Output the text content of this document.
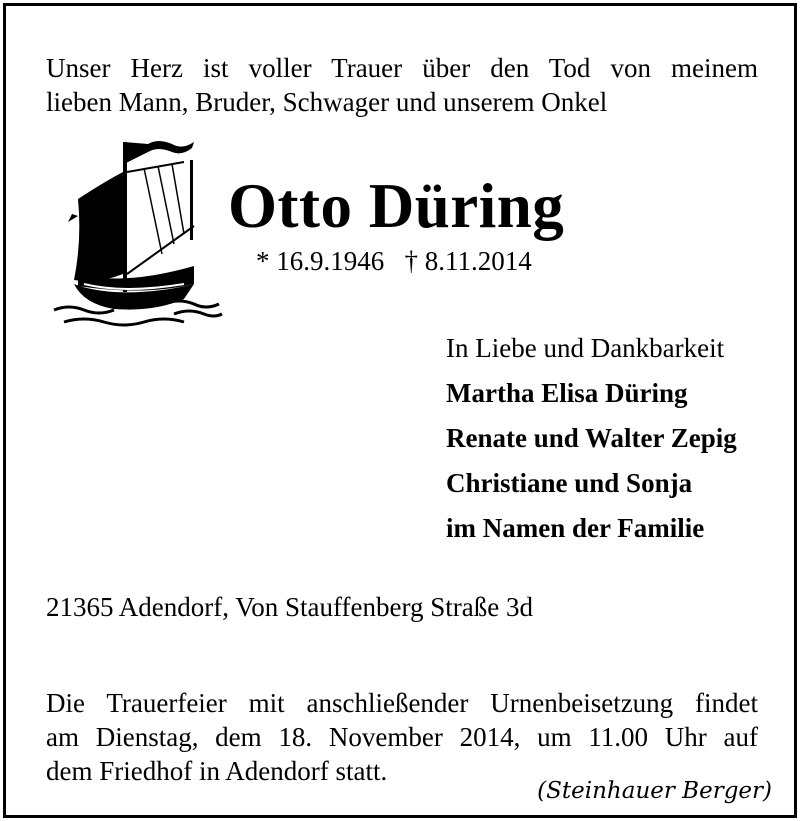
Unser Herz ist voller Trauer über den Tod von meinem
lieben Mann, Bruder, Schwager und unserem Onkel
Otto Düring
* 16.9.1946   † 8.11.2014
In Liebe und Dankbarkeit
Martha Elisa Düring
Renate und Walter Zepig
Christiane und Sonja
im Namen der Familie
21365 Adendorf, Von Stauffenberg Straße 3d
Die Trauerfeier mit anschließender Urnenbeisetzung findet
am Dienstag, dem 18. November 2014, um 11.00 Uhr auf
dem Friedhof in Adendorf statt.
(Steinhauer Berger)
